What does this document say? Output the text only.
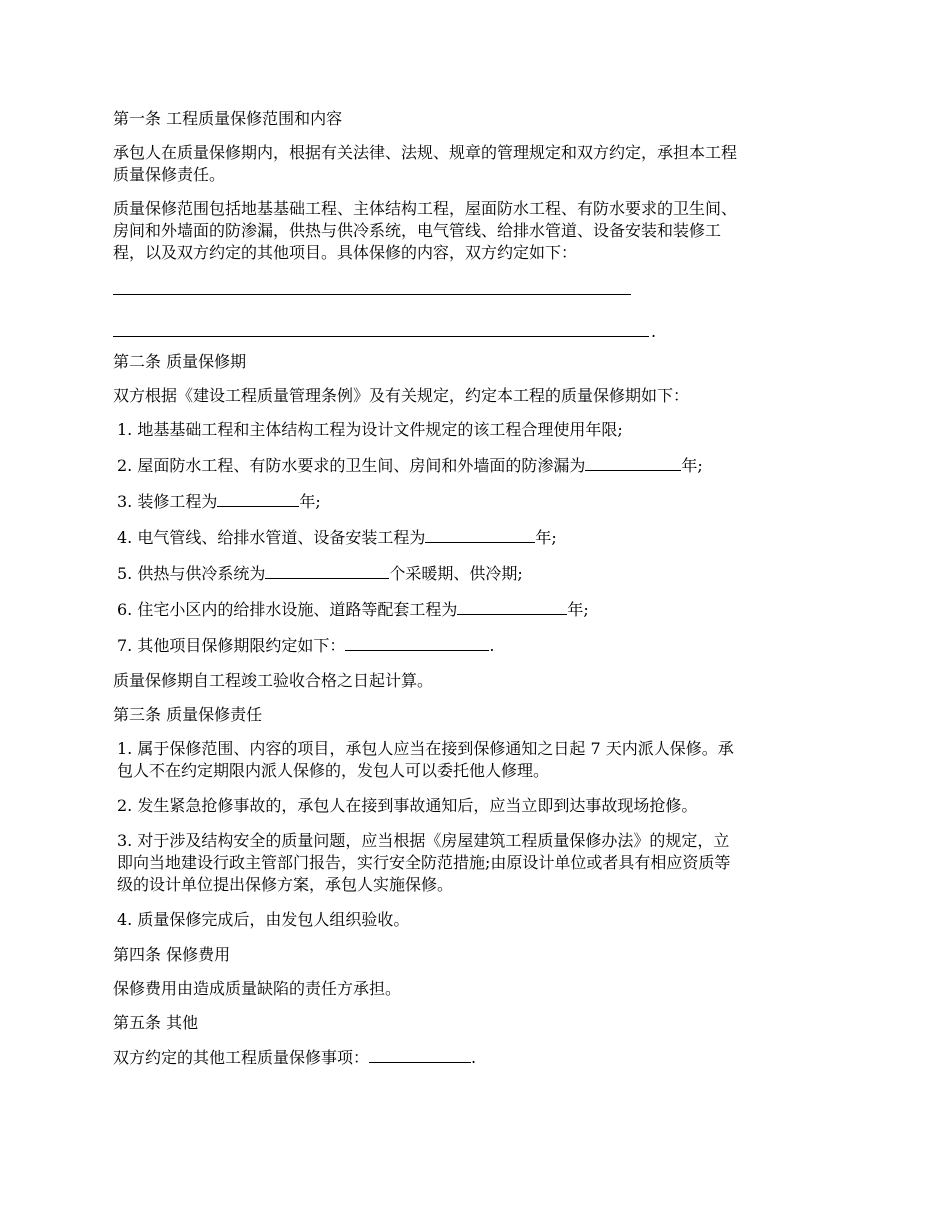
第一条 工程质量保修范围和内容

承包人在质量保修期内，根据有关法律、法规、规章的管理规定和双方约定，承担本工程

质量保修责任。

质量保修范围包括地基基础工程、主体结构工程，屋面防水工程、有防水要求的卫生间、

房间和外墙面的防渗漏，供热与供冷系统，电气管线、给排水管道、设备安装和装修工

程，以及双方约定的其他项目。具体保修的内容，双方约定如下：

.

第二条 质量保修期

双方根据《建设工程质量管理条例》及有关规定，约定本工程的质量保修期如下：

1. 地基基础工程和主体结构工程为设计文件规定的该工程合理使用年限;

2. 屋面防水工程、有防水要求的卫生间、房间和外墙面的防渗漏为	年;

3. 装修工程为	年;

4. 电气管线、给排水管道、设备安装工程为	年;

5. 供热与供冷系统为	个采暖期、供冷期;

6. 住宅小区内的给排水设施、道路等配套工程为	年;

7. 其他项目保修期限约定如下：	.

质量保修期自工程竣工验收合格之日起计算。

第三条 质量保修责任

1. 属于保修范围、内容的项目，承包人应当在接到保修通知之日起 7 天内派人保修。承

包人不在约定期限内派人保修的，发包人可以委托他人修理。

2. 发生紧急抢修事故的，承包人在接到事故通知后，应当立即到达事故现场抢修。

3. 对于涉及结构安全的质量问题，应当根据《房屋建筑工程质量保修办法》的规定，立

即向当地建设行政主管部门报告，实行安全防范措施;由原设计单位或者具有相应资质等

级的设计单位提出保修方案，承包人实施保修。

4. 质量保修完成后，由发包人组织验收。

第四条 保修费用

保修费用由造成质量缺陷的责任方承担。

第五条 其他

双方约定的其他工程质量保修事项：	.
